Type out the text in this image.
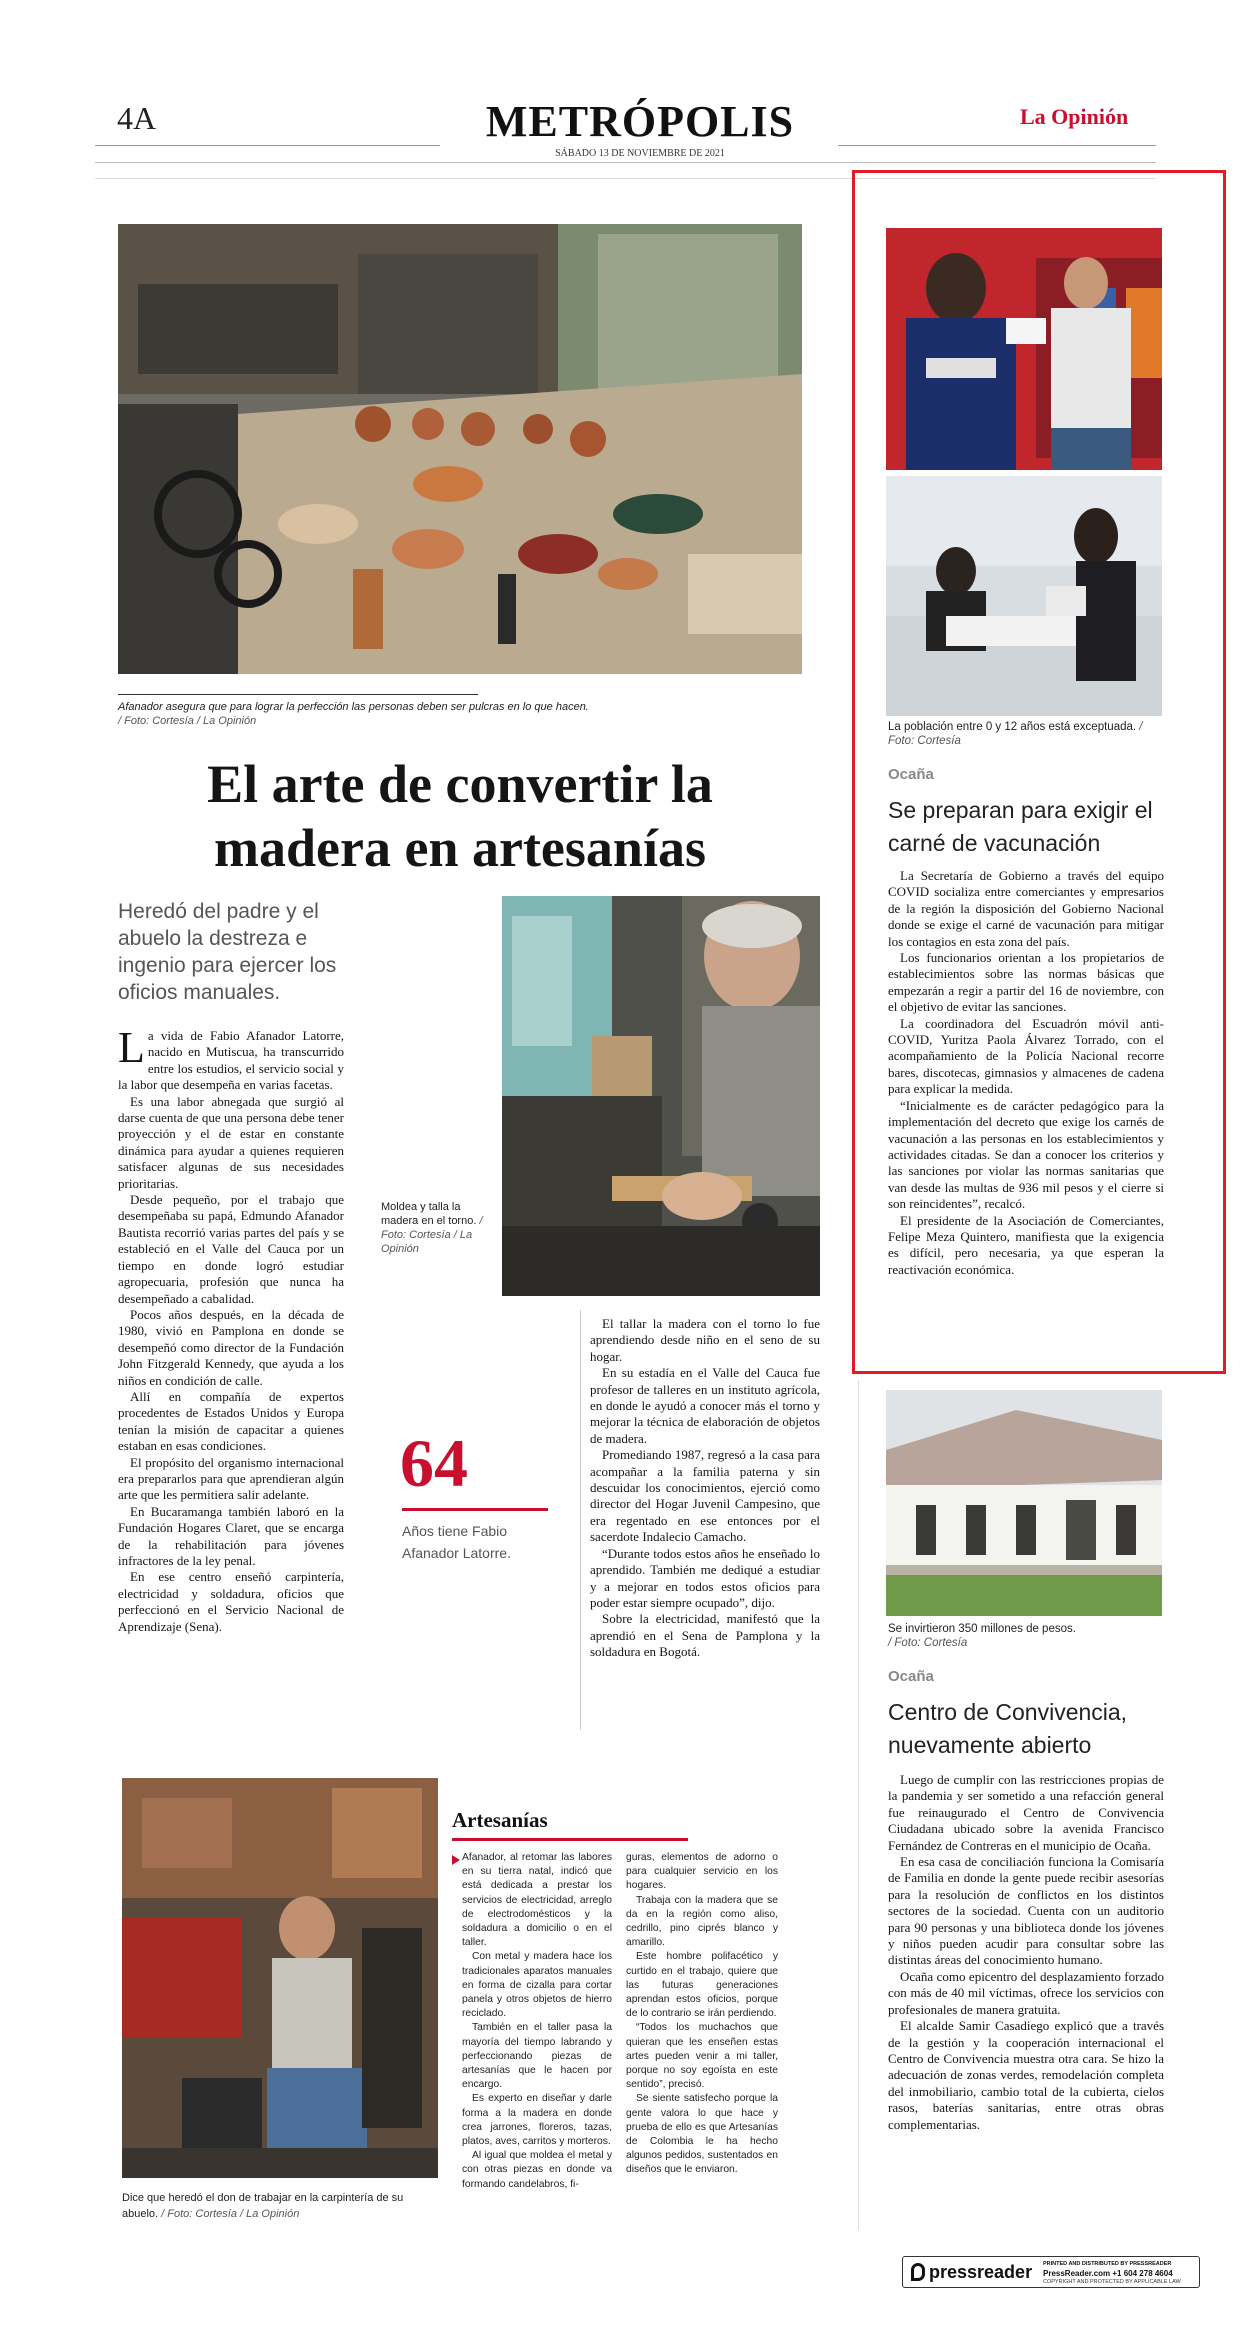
4A	METRÓPOLIS
SÁBADO 13 DE NOVIEMBRE DE 2021
La Opinión
Afanador asegura que para lograr la perfección las personas deben ser pulcras en lo que hacen.
/ Foto: Cortesía / La Opinión
El arte de convertir la
madera en artesanías
Heredó del padre y el abuelo la destreza e ingenio para ejercer los oficios manuales.
Moldea y talla la madera en el torno. / Foto: Cortesía / La Opinión

L a vida de Fabio Afanador Latorre, nacido en Mutiscua, ha transcurrido entre los estudios, el servicio social y la labor que desempeña en varias facetas.

Es una labor abnegada que surgió al darse cuenta de que una persona debe tener proyección y el de estar en constante dinámica para ayudar a quienes requieren satisfacer algunas de sus necesidades prioritarias.

Desde pequeño, por el trabajo que desempeñaba su papá, Edmundo Afanador Bautista recorrió varias partes del país y se estableció en el Valle del Cauca por un tiempo en donde logró estudiar agropecuaria, profesión que nunca ha desempeñado a cabalidad.

Pocos años después, en la década de 1980, vivió en Pamplona en donde se desempeñó como director de la Fundación John Fitzgerald Kennedy, que ayuda a los niños en condición de calle.

Allí en compañía de expertos procedentes de Estados Unidos y Europa tenían la misión de capacitar a quienes estaban en esas condiciones.

El propósito del organismo internacional era prepararlos para que aprendieran algún arte que les permitiera salir adelante.

En Bucaramanga también laboró en la Fundación Hogares Claret, que se encarga de la rehabilitación para jóvenes infractores de la ley penal.

En ese centro enseñó carpintería, electricidad y soldadura, oficios que perfeccionó en el Servicio Nacional de Aprendizaje (Sena).

64
Años tiene Fabio Afanador Latorre.

El tallar la madera con el torno lo fue aprendiendo desde niño en el seno de su hogar.

En su estadía en el Valle del Cauca fue profesor de talleres en un instituto agrícola, en donde le ayudó a conocer más el torno y mejorar la técnica de elaboración de objetos de madera.

Promediando 1987, regresó a la casa para acompañar a la familia paterna y sin descuidar los conocimientos, ejerció como director del Hogar Juvenil Campesino, que era regentado en ese entonces por el sacerdote Indalecio Camacho.

“Durante todos estos años he enseñado lo aprendido. También me dediqué a estudiar y a mejorar en todos estos oficios para poder estar siempre ocupado”, dijo.

Sobre la electricidad, manifestó que la aprendió en el Sena de Pamplona y la soldadura en Bogotá.

Dice que heredó el don de trabajar en la carpintería de su abuelo. / Foto: Cortesía / La Opinión
Artesanías

Afanador, al retomar las labores en su tierra natal, indicó que está dedicada a prestar los servicios de electricidad, arreglo de electrodomésticos y la soldadura a domicilio o en el taller.

Con metal y madera hace los tradicionales aparatos manuales en forma de cizalla para cortar panela y otros objetos de hierro reciclado.

También en el taller pasa la mayoría del tiempo labrando y perfeccionando piezas de artesanías que le hacen por encargo.

Es experto en diseñar y darle forma a la madera en donde crea jarrones, floreros, tazas, platos, aves, carritos y morteros.

Al igual que moldea el metal y con otras piezas en donde va formando candelabros, fi-

guras, elementos de adorno o para cualquier servicio en los hogares.

Trabaja con la madera que se da en la región como aliso, cedrillo, pino ciprés blanco y amarillo.

Este hombre polifacético y curtido en el trabajo, quiere que las futuras generaciones aprendan estos oficios, porque de lo contrario se irán perdiendo.

“Todos los muchachos que quieran que les enseñen estas artes pueden venir a mi taller, porque no soy egoísta en este sentido”, precisó.

Se siente satisfecho porque la gente valora lo que hace y prueba de ello es que Artesanías de Colombia le ha hecho algunos pedidos, sustentados en diseños que le enviaron.

La población entre 0 y 12 años está exceptuada. / Foto: Cortesía
Ocaña
Se preparan para exigir el carné de vacunación

La Secretaría de Gobierno a través del equipo COVID socializa entre comerciantes y empresarios de la región la disposición del Gobierno Nacional donde se exige el carné de vacunación para mitigar los contagios en esta zona del país.

Los funcionarios orientan a los propietarios de establecimientos sobre las normas básicas que empezarán a regir a partir del 16 de noviembre, con el objetivo de evitar las sanciones.

La coordinadora del Escuadrón móvil anti-COVID, Yuritza Paola Álvarez Torrado, con el acompañamiento de la Policía Nacional recorre bares, discotecas, gimnasios y almacenes de cadena para explicar la medida.

“Inicialmente es de carácter pedagógico para la implementación del decreto que exige los carnés de vacunación a las personas en los establecimientos y actividades citadas. Se dan a conocer los criterios y las sanciones por violar las normas sanitarias que van desde las multas de 936 mil pesos y el cierre si son reincidentes”, recalcó.

El presidente de la Asociación de Comerciantes, Felipe Meza Quintero, manifiesta que la exigencia es difícil, pero necesaria, ya que esperan la reactivación económica.

Se invirtieron 350 millones de pesos.
/ Foto: Cortesía
Ocaña
Centro de Convivencia, nuevamente abierto

Luego de cumplir con las restricciones propias de la pandemia y ser sometido a una refacción general fue reinaugurado el Centro de Convivencia Ciudadana ubicado sobre la avenida Francisco Fernández de Contreras en el municipio de Ocaña.

En esa casa de conciliación funciona la Comisaría de Familia en donde la gente puede recibir asesorías para la resolución de conflictos en los distintos sectores de la sociedad. Cuenta con un auditorio para 90 personas y una biblioteca donde los jóvenes y niños pueden acudir para consultar sobre las distintas áreas del conocimiento humano.

Ocaña como epicentro del desplazamiento forzado con más de 40 mil víctimas, ofrece los servicios con profesionales de manera gratuita.

El alcalde Samir Casadiego explicó que a través de la gestión y la cooperación internacional el Centro de Convivencia muestra otra cara. Se hizo la adecuación de zonas verdes, remodelación completa del inmobiliario, cambio total de la cubierta, cielos rasos, baterías sanitarias, entre otras obras complementarias.

pressreader PRINTED AND DISTRIBUTED BY PRESSREADER
PressReader.com +1 604 278 4604
COPYRIGHT AND PROTECTED BY APPLICABLE LAW
